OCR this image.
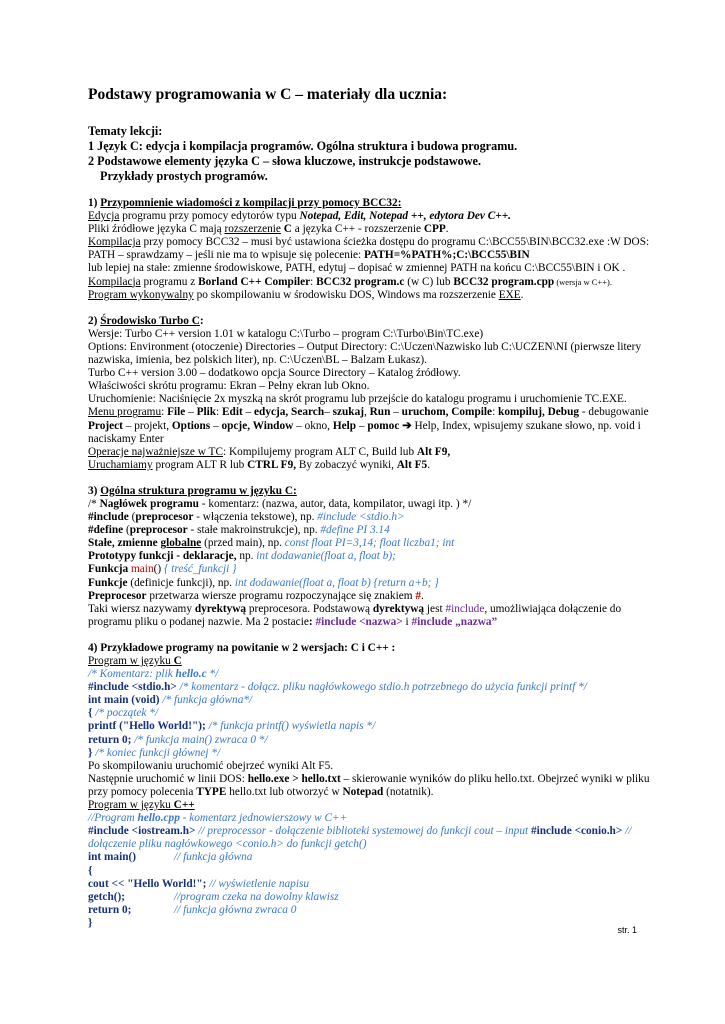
Podstawy programowania w C – materiały dla ucznia:
Tematy lekcji:
1 Język C: edycja i kompilacja programów. Ogólna struktura i budowa programu.
2 Podstawowe elementy języka C – słowa kluczowe, instrukcje podstawowe.
Przykłady prostych programów.
1) Przypomnienie wiadomości z kompilacji przy pomocy BCC32:
Edycja programu przy pomocy edytorów typu Notepad, Edit, Notepad ++, edytora Dev C++.
Pliki źródłowe języka C mają rozszerzenie C a języka C++ - rozszerzenie CPP.
Kompilacja przy pomocy BCC32 – musi być ustawiona ścieżka dostępu do programu C:\BCC55\BIN\BCC32.exe :W DOS:
PATH – sprawdzamy – jeśli nie ma to wpisuje się polecenie: PATH=%PATH%;C:\BCC55\BIN
lub lepiej na stałe: zmienne środowiskowe, PATH, edytuj – dopisać w zmiennej PATH na końcu C:\BCC55\BIN i OK .
Kompilacja programu z Borland C++ Compiler: BCC32 program.c (w C) lub BCC32 program.cpp (wersja w C++).
Program wykonywalny po skompilowaniu w środowisku DOS, Windows ma rozszerzenie EXE.
2) Środowisko Turbo C:
Wersje: Turbo C++ version 1.01 w katalogu C:\Turbo – program C:\Turbo\Bin\TC.exe)
Options: Environment (otoczenie) Directories – Output Directory: C:\Uczen\Nazwisko lub C:\UCZEN\NI (pierwsze litery
nazwiska, imienia, bez polskich liter), np. C:\Uczen\BL – Balzam Łukasz).
Turbo C++ version 3.00 – dodatkowo opcja Source Directory – Katalog źródłowy.
Właściwości skrótu programu: Ekran – Pełny ekran lub Okno.
Uruchomienie: Naciśnięcie 2x myszką na skrót programu lub przejście do katalogu programu i uruchomienie TC.EXE.
Menu programu: File – Plik: Edit – edycja, Search– szukaj, Run – uruchom, Compile: kompiluj, Debug - debugowanie
Project – projekt, Options – opcje, Window – okno, Help – pomoc ➔ Help, Index, wpisujemy szukane słowo, np. void i
naciskamy Enter
Operacje najważniejsze w TC: Kompilujemy program ALT C, Build lub Alt F9,
Uruchamiamy program ALT R lub CTRL F9, By zobaczyć wyniki, Alt F5.
3) Ogólna struktura programu w języku C:
/* Nagłówek programu - komentarz: (nazwa, autor, data, kompilator, uwagi itp. ) */
#include (preprocesor - włączenia tekstowe), np. #include <stdio.h>
#define (preprocesor - stałe makroinstrukcje), np. #define PI 3.14
Stałe, zmienne globalne (przed main), np. const float PI=3,14; float liczba1; int
Prototypy funkcji - deklaracje, np. int dodawanie(float a, float b);
Funkcja main() { treść_funkcji }
Funkcje (definicje funkcji), np. int dodawanie(float a, float b) {return a+b; }
Preprocesor przetwarza wiersze programu rozpoczynające się znakiem #.
Taki wiersz nazywamy dyrektywą preprocesora. Podstawową dyrektywą jest #include, umożliwiająca dołączenie do
programu pliku o podanej nazwie. Ma 2 postacie: #include <nazwa> i #include „nazwa”
4) Przykładowe programy na powitanie w 2 wersjach: C i C++ :
Program w języku C
/* Komentarz: plik hello.c */
#include <stdio.h> /* komentarz - dołącz. pliku nagłówkowego stdio.h potrzebnego do użycia funkcji printf */
int main (void) /* funkcja główna*/
{ /* początek */
printf ("Hello World!"); /* funkcja printf() wyświetla napis */
return 0; /* funkcja main() zwraca 0 */
} /* koniec funkcji głównej */
Po skompilowaniu uruchomić obejrzeć wyniki Alt F5.
Następnie uruchomić w linii DOS: hello.exe > hello.txt – skierowanie wyników do pliku hello.txt. Obejrzeć wyniki w pliku
przy pomocy polecenia TYPE hello.txt lub otworzyć w Notepad (notatnik).
Program w języku C++
//Program hello.cpp - komentarz jednowierszowy w C++
#include <iostream.h> // preprocessor - dołączenie biblioteki systemowej do funkcji cout – input #include <conio.h> //
dołączenie pliku nagłówkowego <conio.h> do funkcji getch()
int main()	// funkcja główna
{
cout << "Hello World!"; // wyświetlenie napisu
getch();	//program czeka na dowolny klawisz
return 0;	// funkcja główna zwraca 0
}
str. 1
